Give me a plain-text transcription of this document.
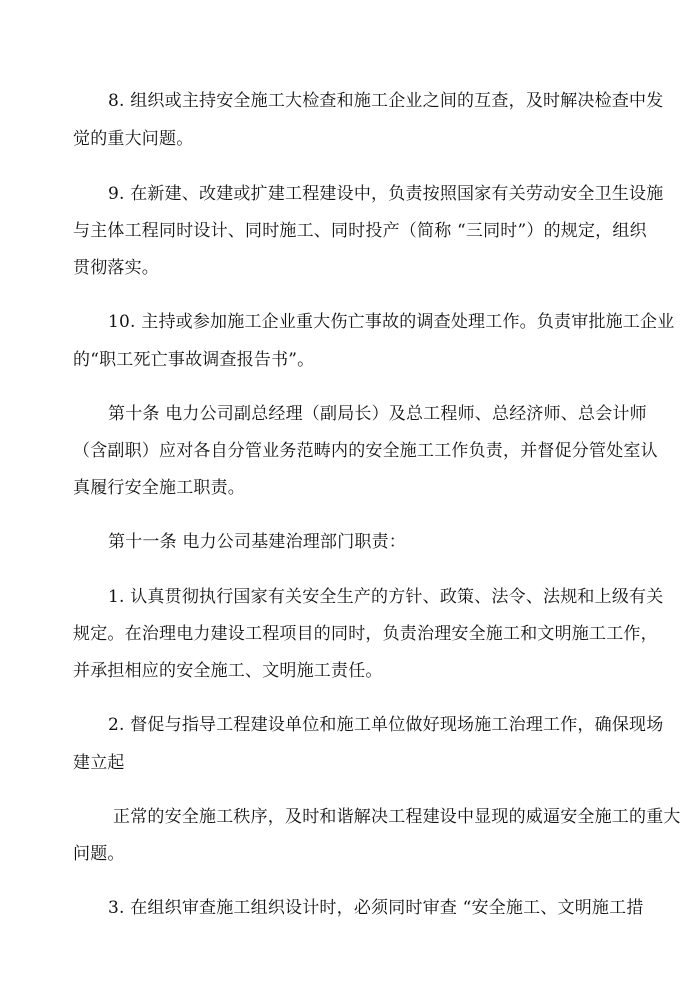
8. 组织或主持安全施工大检查和施工企业之间的互查，及时解决检查中发
觉的重大问题。
9. 在新建、改建或扩建工程建设中，负责按照国家有关劳动安全卫生设施
与主体工程同时设计、同时施工、同时投产（简称 “三同时”）的规定，组织
贯彻落实。
10. 主持或参加施工企业重大伤亡事故的调查处理工作。负责审批施工企业
的“职工死亡事故调查报告书”。
第十条 电力公司副总经理（副局长）及总工程师、总经济师、总会计师
（含副职）应对各自分管业务范畴内的安全施工工作负责，并督促分管处室认
真履行安全施工职责。
第十一条 电力公司基建治理部门职责：
1. 认真贯彻执行国家有关安全生产的方针、政策、法令、法规和上级有关
规定。在治理电力建设工程项目的同时，负责治理安全施工和文明施工工作，
并承担相应的安全施工、文明施工责任。
2. 督促与指导工程建设单位和施工单位做好现场施工治理工作，确保现场
建立起
正常的安全施工秩序，及时和谐解决工程建设中显现的威逼安全施工的重大
问题。
3. 在组织审查施工组织设计时，必须同时审查 “安全施工、文明施工措
